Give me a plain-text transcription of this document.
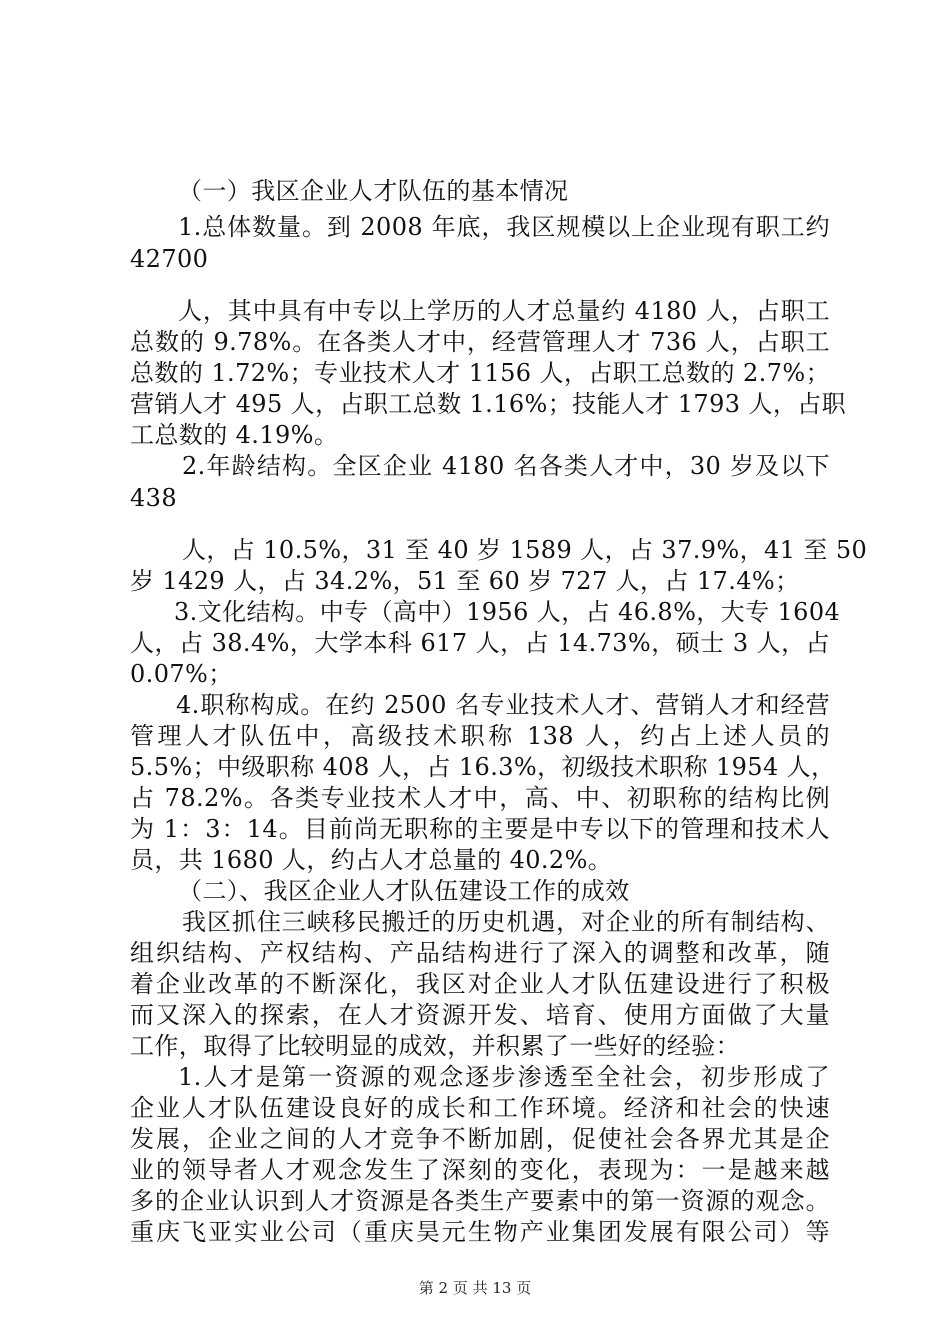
（一）我区企业人才队伍的基本情况
1.总体数量。到 2008 年底，我区规模以上企业现有职工约
42700
人，其中具有中专以上学历的人才总量约 4180 人，占职工
总数的 9.78%。在各类人才中，经营管理人才 736 人，占职工
总数的 1.72%；专业技术人才 1156 人，占职工总数的 2.7%；
营销人才 495 人，占职工总数 1.16%；技能人才 1793 人，占职
工总数的 4.19%。
2.年龄结构。全区企业 4180 名各类人才中，30 岁及以下
438
人，占 10.5%，31 至 40 岁 1589 人，占 37.9%，41 至 50
岁 1429 人，占 34.2%，51 至 60 岁 727 人，占 17.4%；
3.文化结构。中专（高中）1956 人，占 46.8%，大专 1604
人，占 38.4%，大学本科 617 人，占 14.73%，硕士 3 人，占
0.07%；
4.职称构成。在约 2500 名专业技术人才、营销人才和经营
管理人才队伍中，高级技术职称 138 人，约占上述人员的
5.5%；中级职称 408 人，占 16.3%，初级技术职称 1954 人，
占 78.2%。各类专业技术人才中，高、中、初职称的结构比例
为 1：3：14。目前尚无职称的主要是中专以下的管理和技术人
员，共 1680 人，约占人才总量的 40.2%。
（二）、我区企业人才队伍建设工作的成效
我区抓住三峡移民搬迁的历史机遇，对企业的所有制结构、
组织结构、产权结构、产品结构进行了深入的调整和改革，随
着企业改革的不断深化，我区对企业人才队伍建设进行了积极
而又深入的探索，在人才资源开发、培育、使用方面做了大量
工作，取得了比较明显的成效，并积累了一些好的经验：
1.人才是第一资源的观念逐步渗透至全社会，初步形成了
企业人才队伍建设良好的成长和工作环境。经济和社会的快速
发展，企业之间的人才竞争不断加剧，促使社会各界尤其是企
业的领导者人才观念发生了深刻的变化，表现为：一是越来越
多的企业认识到人才资源是各类生产要素中的第一资源的观念。
重庆飞亚实业公司（重庆昊元生物产业集团发展有限公司）等
第 2 页 共 13 页
